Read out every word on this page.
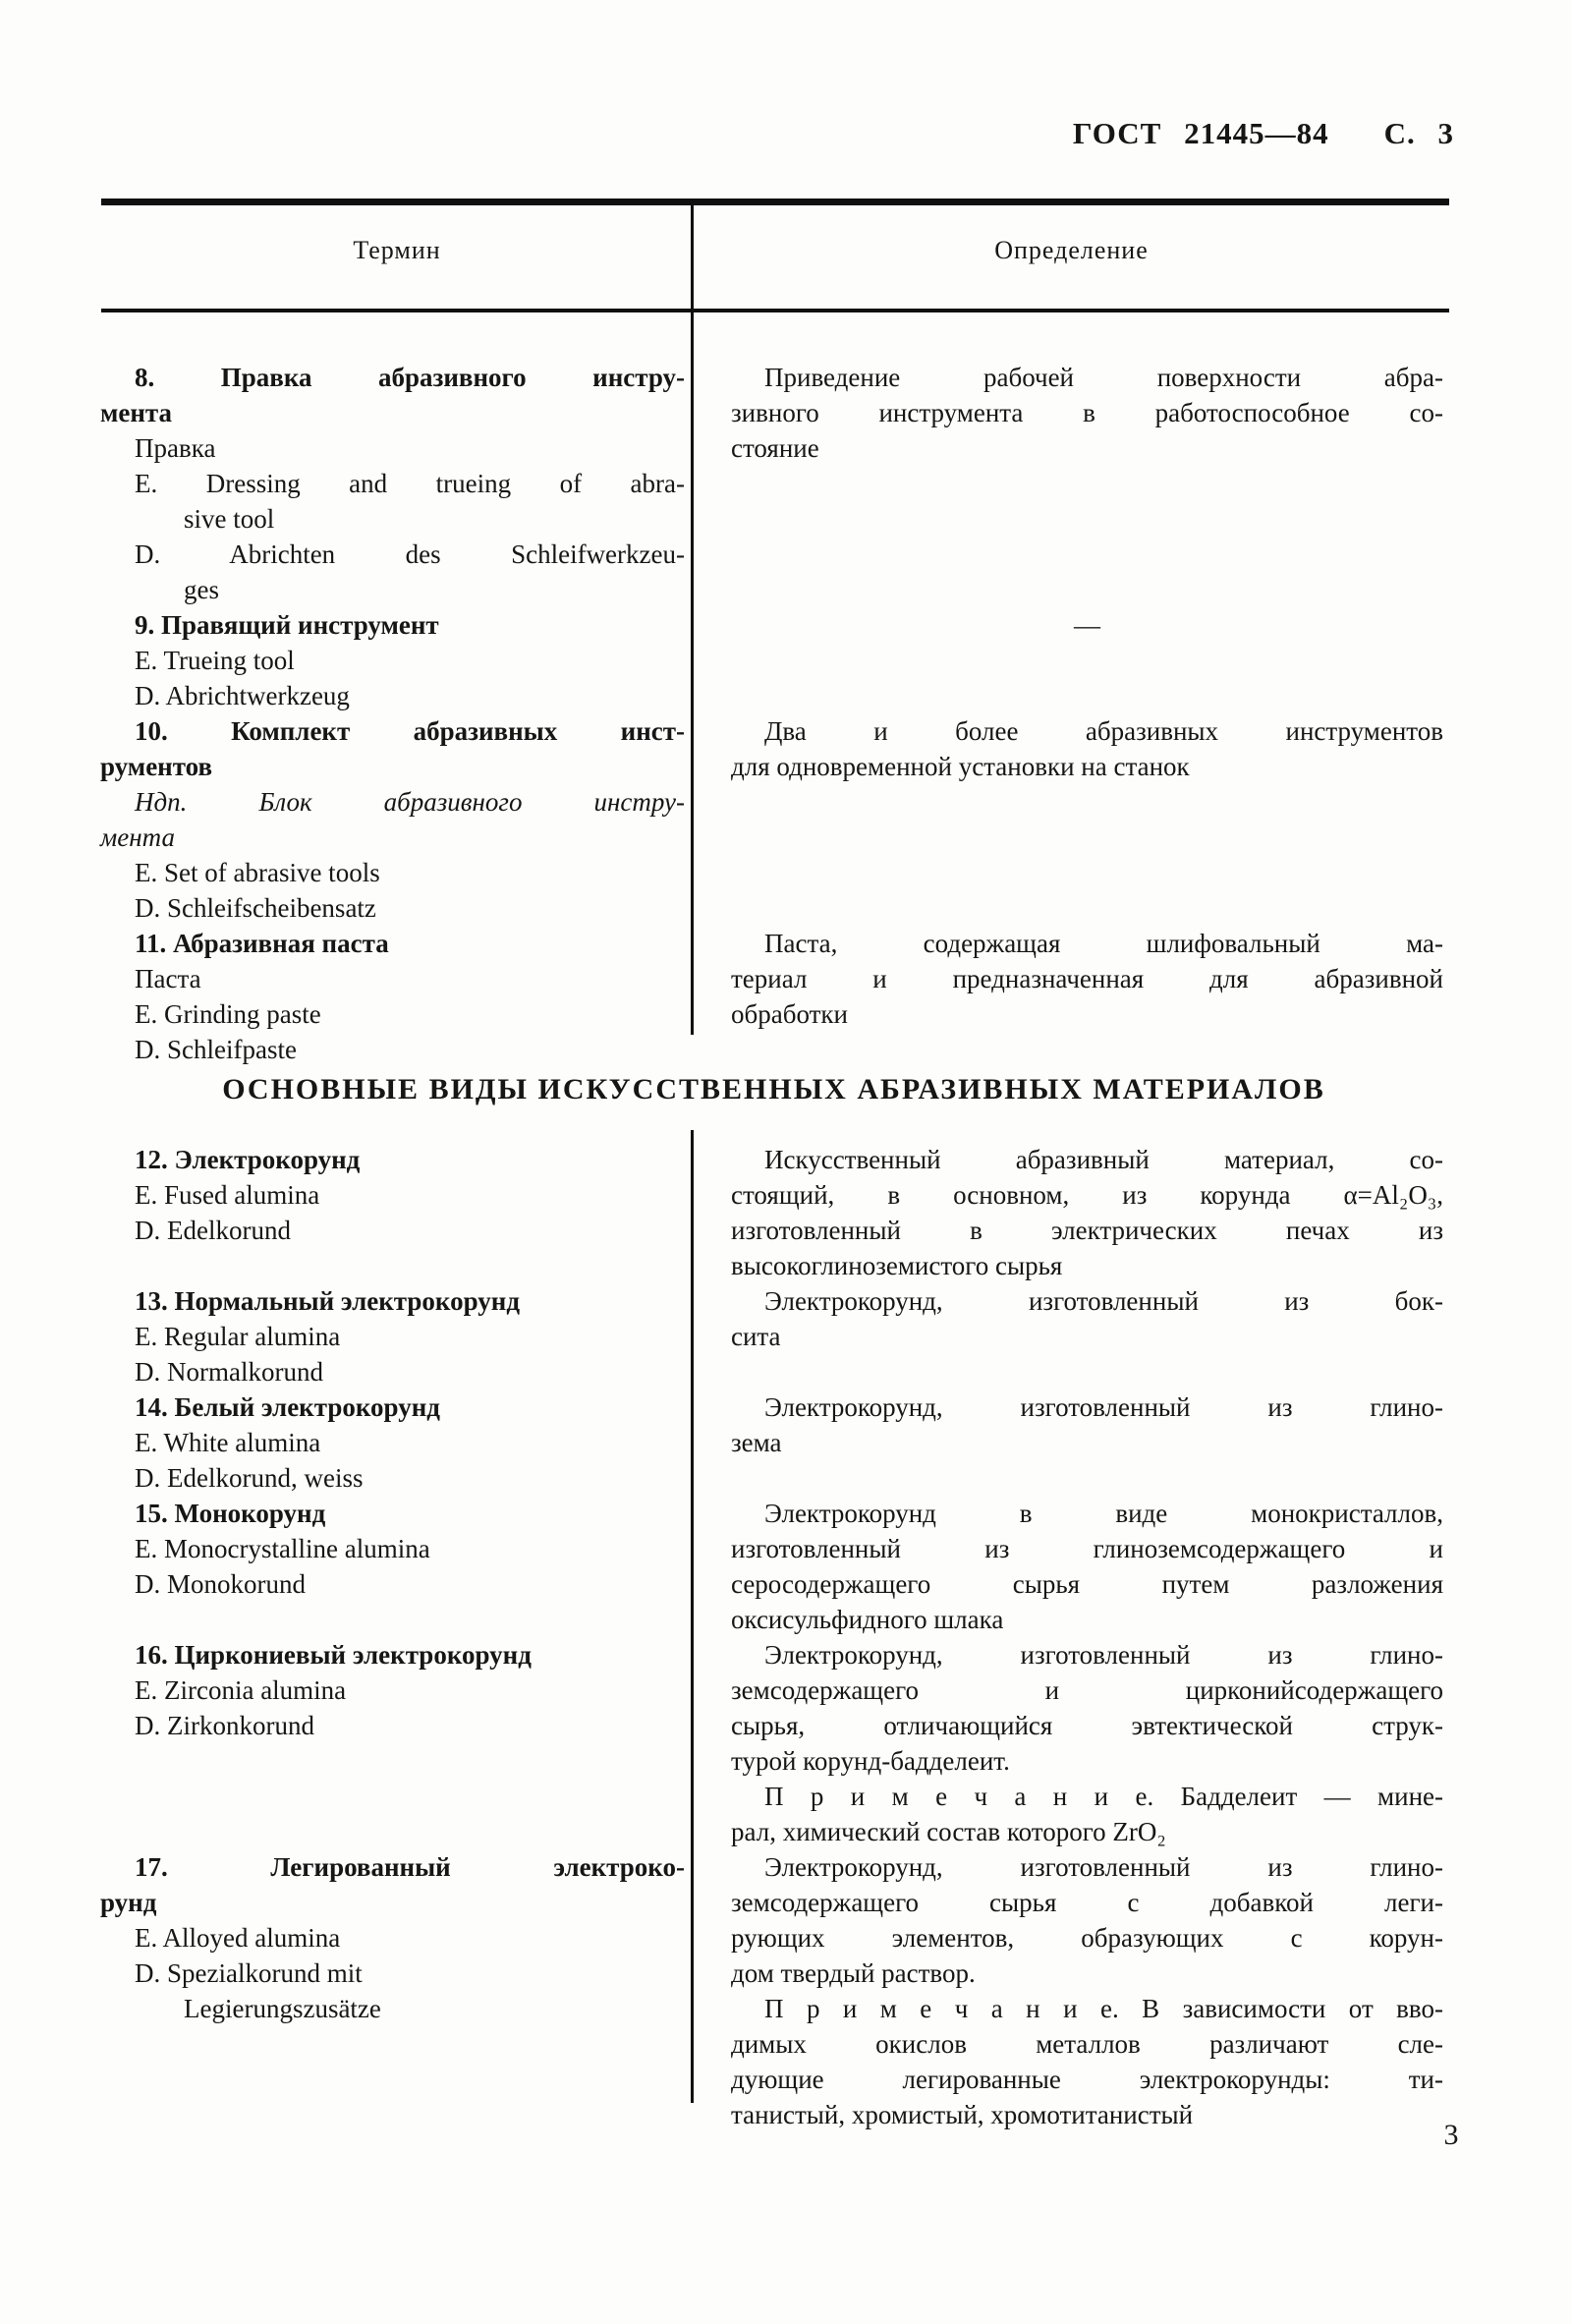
ГОСТ 21445—84 С. 3
Термин	Определение
8. Правка абразивного инстру-
мента
Правка
E. Dressing and trueing of abra-
sive tool
D. Abrichten des Schleifwerkzeu-
ges
Приведение рабочей поверхности абра-
зивного инструмента в работоспособное со-
стояние
9. Правящий инструмент
E. Trueing tool
D. Abrichtwerkzeug
—
10. Комплект абразивных инст-
рументов
Ндп. Блок абразивного инстру-
мента
E. Set of abrasive tools
D. Schleifscheibensatz
Два и более абразивных инструментов
для одновременной установки на станок
11. Абразивная паста
Паста
E. Grinding paste
D. Schleifpaste
Паста, содержащая шлифовальный ма-
териал и предназначенная для абразивной
обработки
ОСНОВНЫЕ ВИДЫ ИСКУССТВЕННЫХ АБРАЗИВНЫХ МАТЕРИАЛОВ
12. Электрокорунд
E. Fused alumina
D. Edelkorund
Искусственный абразивный материал, со-
стоящий, в основном, из корунда α=Al₂O₃,
изготовленный в электрических печах из
высокоглиноземистого сырья
13. Нормальный электрокорунд
E. Regular alumina
D. Normalkorund
Электрокорунд, изготовленный из бок-
сита
14. Белый электрокорунд
E. White alumina
D. Edelkorund, weiss
Электрокорунд, изготовленный из глино-
зема
15. Монокорунд
E. Monocrystalline alumina
D. Monokorund
Электрокорунд в виде монокристаллов,
изготовленный из глиноземсодержащего и
серосодержащего сырья путем разложения
оксисульфидного шлака
16. Циркониевый электрокорунд
E. Zirconia alumina
D. Zirkonkorund
Электрокорунд, изготовленный из глино-
земсодержащего и цирконийсодержащего
сырья, отличающийся эвтектической струк-
турой корунд-бадделеит.
П р и м е ч а н и е. Бадделеит — мине-
рал, химический состав которого ZrO₂
17. Легированный электроко-
рунд
E. Alloyed alumina
D. Spezialkorund mit
Legierungszusätze
Электрокорунд, изготовленный из глино-
земсодержащего сырья с добавкой леги-
рующих элементов, образующих с корун-
дом твердый раствор.
П р и м е ч а н и е. В зависимости от вво-
димых окислов металлов различают сле-
дующие легированные электрокорунды: ти-
танистый, хромистый, хромотитанистый
3
